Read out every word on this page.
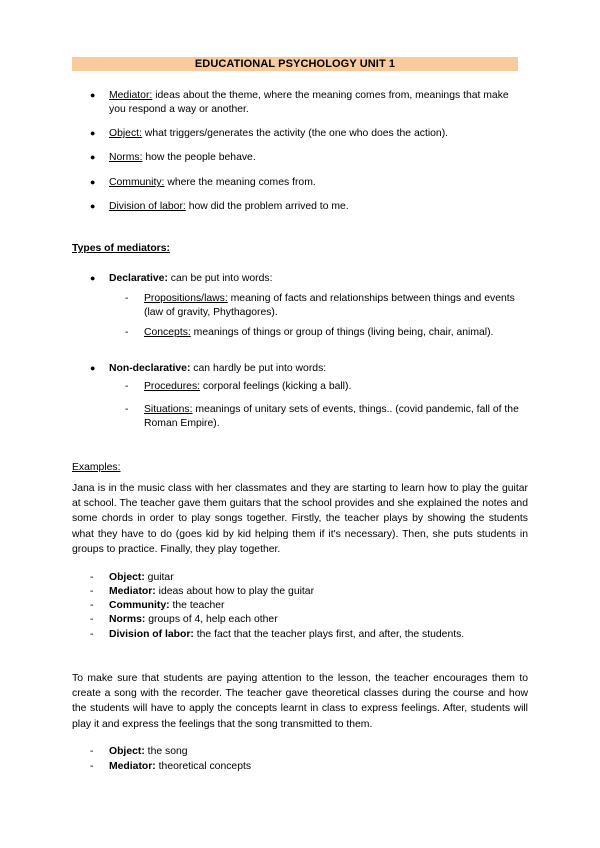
EDUCATIONAL PSYCHOLOGY UNIT 1
● Mediator: ideas about the theme, where the meaning comes from, meanings that make you respond a way or another.
● Object: what triggers/generates the activity (the one who does the action).
● Norms: how the people behave.
● Community: where the meaning comes from.
● Division of labor: how did the problem arrived to me.
Types of mediators:
● Declarative: can be put into words:
- Propositions/laws: meaning of facts and relationships between things and events (law of gravity, Phythagores).
- Concepts: meanings of things or group of things (living being, chair, animal).
● Non-declarative: can hardly be put into words:
- Procedures: corporal feelings (kicking a ball).
- Situations: meanings of unitary sets of events, things.. (covid pandemic, fall of the Roman Empire).
Examples:
Jana is in the music class with her classmates and they are starting to learn how to play the guitar at school. The teacher gave them guitars that the school provides and she explained the notes and some chords in order to play songs together. Firstly, the teacher plays by showing the students what they have to do (goes kid by kid helping them if it's necessary). Then, she puts students in groups to practice. Finally, they play together.
- Object: guitar
- Mediator: ideas about how to play the guitar
- Community: the teacher
- Norms: groups of 4, help each other
- Division of labor: the fact that the teacher plays first, and after, the students.
To make sure that students are paying attention to the lesson, the teacher encourages them to create a song with the recorder. The teacher gave theoretical classes during the course and how the students will have to apply the concepts learnt in class to express feelings. After, students will play it and express the feelings that the song transmitted to them.
- Object: the song
- Mediator: theoretical concepts
